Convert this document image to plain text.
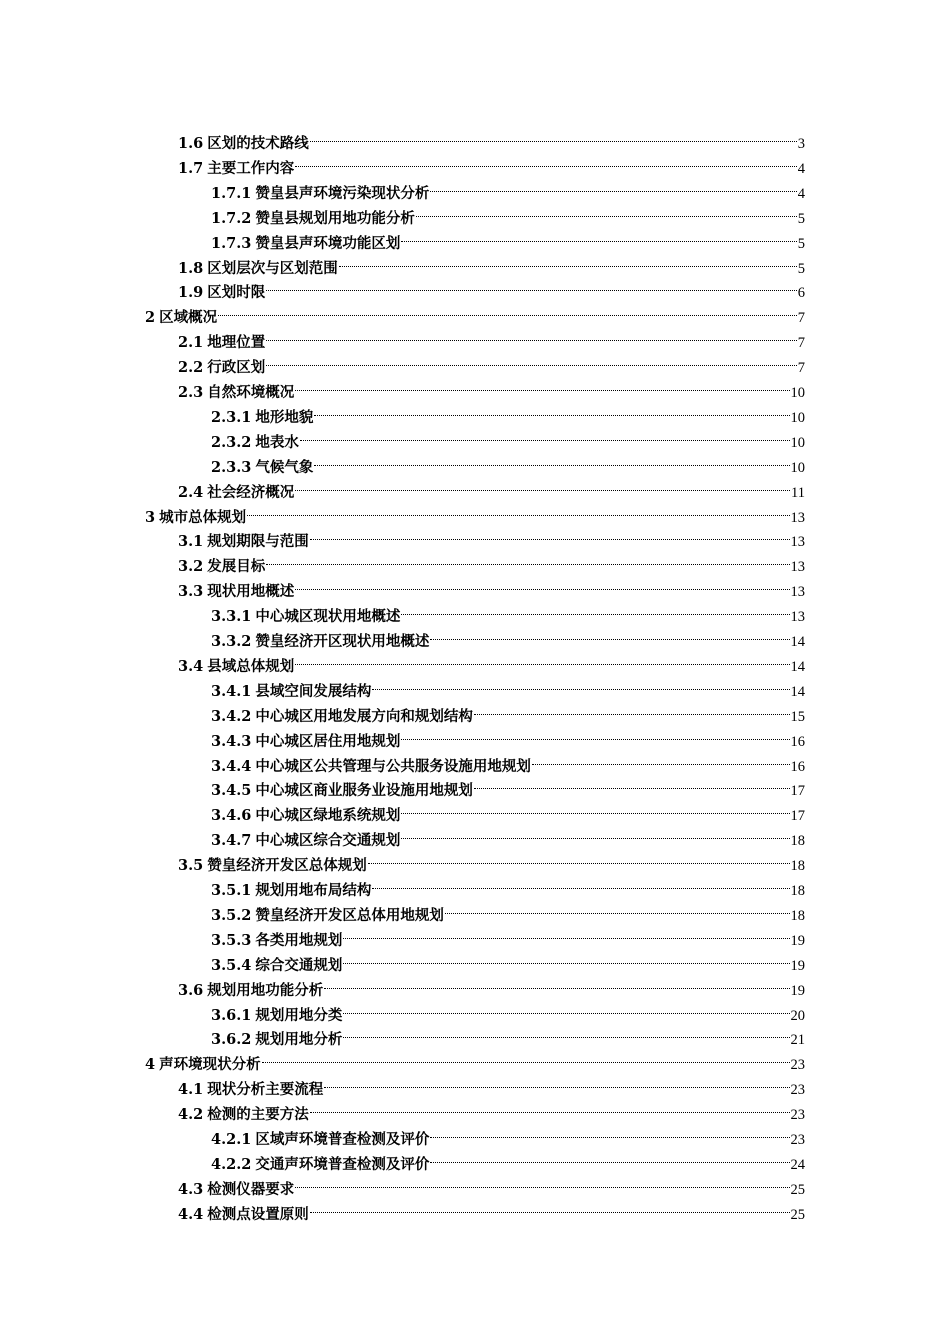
1.6 区划的技术路线	3
1.7 主要工作内容	4
1.7.1 赞皇县声环境污染现状分析	4
1.7.2 赞皇县规划用地功能分析	5
1.7.3 赞皇县声环境功能区划	5
1.8 区划层次与区划范围	5
1.9 区划时限	6
2 区域概况	7
2.1 地理位置	7
2.2 行政区划	7
2.3 自然环境概况	10
2.3.1 地形地貌	10
2.3.2 地表水	10
2.3.3 气候气象	10
2.4 社会经济概况	11
3 城市总体规划	13
3.1 规划期限与范围	13
3.2 发展目标	13
3.3 现状用地概述	13
3.3.1 中心城区现状用地概述	13
3.3.2 赞皇经济开区现状用地概述	14
3.4 县域总体规划	14
3.4.1 县域空间发展结构	14
3.4.2 中心城区用地发展方向和规划结构	15
3.4.3 中心城区居住用地规划	16
3.4.4 中心城区公共管理与公共服务设施用地规划	16
3.4.5 中心城区商业服务业设施用地规划	17
3.4.6 中心城区绿地系统规划	17
3.4.7 中心城区综合交通规划	18
3.5 赞皇经济开发区总体规划	18
3.5.1 规划用地布局结构	18
3.5.2 赞皇经济开发区总体用地规划	18
3.5.3 各类用地规划	19
3.5.4 综合交通规划	19
3.6 规划用地功能分析	19
3.6.1 规划用地分类	20
3.6.2 规划用地分析	21
4 声环境现状分析	23
4.1 现状分析主要流程	23
4.2 检测的主要方法	23
4.2.1 区域声环境普查检测及评价	23
4.2.2 交通声环境普查检测及评价	24
4.3 检测仪器要求	25
4.4 检测点设置原则	25
